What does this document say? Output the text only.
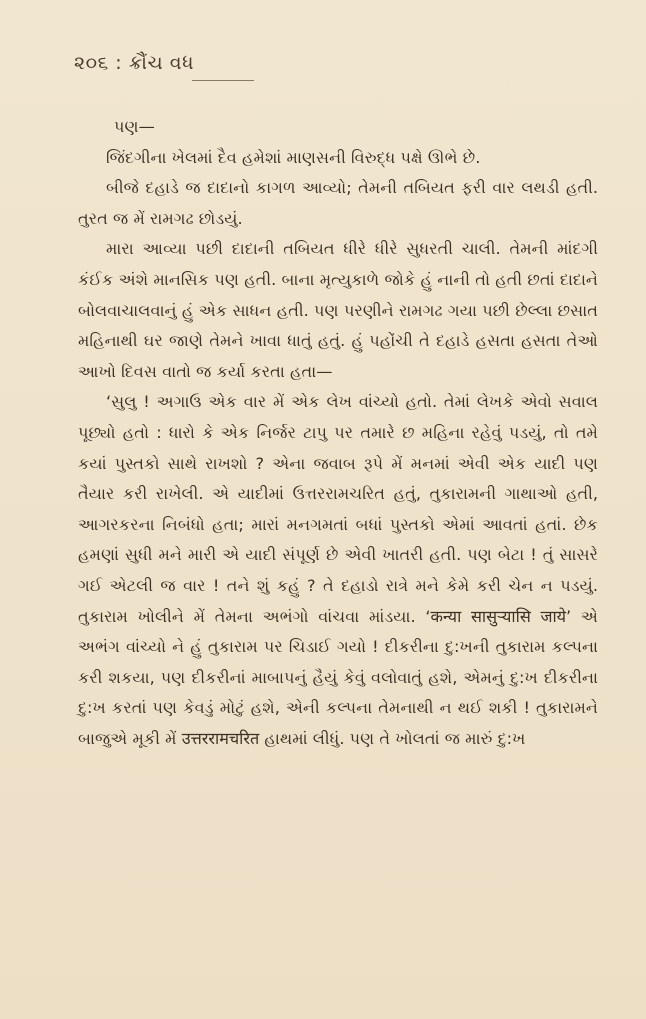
૨૦૬ : ક્રૌંચ વધ

પણ—

જિંદગીના ખેલમાં દૈવ હમેશાં માણસની વિરુદ્ધ પક્ષે ઊભે છે.

બીજે દહાડે જ દાદાનો કાગળ આવ્યો; તેમની તબિયત ફરી વાર લથડી હતી. તુરત જ મેં રામગઢ છોડયું.

મારા આવ્યા પછી દાદાની તબિયત ધીરે ધીરે સુધરતી ચાલી. તેમની માંદગી કંઈક અંશે માનસિક પણ હતી. બાના મૃત્યુકાળે જોકે હું નાની તો હતી છતાં દાદાને બોલવાચાલવાનું હું એક સાધન હતી. પણ પરણીને રામગઢ ગયા પછી છેલ્લા છસાત મહિનાથી ઘર જાણે તેમને ખાવા ધાતું હતું. હું પહોંચી તે દહાડે હસતા હસતા તેઓ આખો દિવસ વાતો જ કર્યા કરતા હતા—

‘સુલુ ! અગાઉ એક વાર મેં એક લેખ વાંચ્યો હતો. તેમાં લેખકે એવો સવાલ પૂછ્યો હતો : ધારો કે એક નિર્જર ટાપુ પર તમારે છ મહિના રહેવું પડયું, તો તમે કયાં પુસ્તકો સાથે રાખશો ? એના જવાબ રૂપે મેં મનમાં એવી એક યાદી પણ તૈયાર કરી રાખેલી. એ યાદીમાં ઉત્તરરામચરિત હતું, તુકારામની ગાથાઓ હતી, આગરકરના નિબંધો હતા; મારાં મનગમતાં બધાં પુસ્તકો એમાં આવતાં હતાં. છેક હમણાં સુધી મને મારી એ યાદી સંપૂર્ણ છે એવી ખાતરી હતી. પણ બેટા ! તું સાસરે ગઈ એટલી જ વાર ! તને શું કહું ? તે દહાડો રાત્રે મને કેમે કરી ચેન ન પડયું. તુકારામ ખોલીને મેં તેમના અભંગો વાંચવા માંડયા. ‘कन्या सासुर्‍यासि जाये’ એ અભંગ વાંચ્યો ને હું તુકારામ પર ચિડાઈ ગયો ! દીકરીના દુ:ખની તુકારામ કલ્પના કરી શકયા, પણ દીકરીનાં માબાપનું હૈયું કેવું વલોવાતું હશે, એમનું દુ:ખ દીકરીના દુ:ખ કરતાં પણ કેવડું મોટું હશે, એની કલ્પના તેમનાથી ન થઈ શકી ! તુકારામને બાજુએ મૂકી મેં उत्तररामचरित હાથમાં લીધું. પણ તે ખોલતાં જ મારું દુ:ખ
